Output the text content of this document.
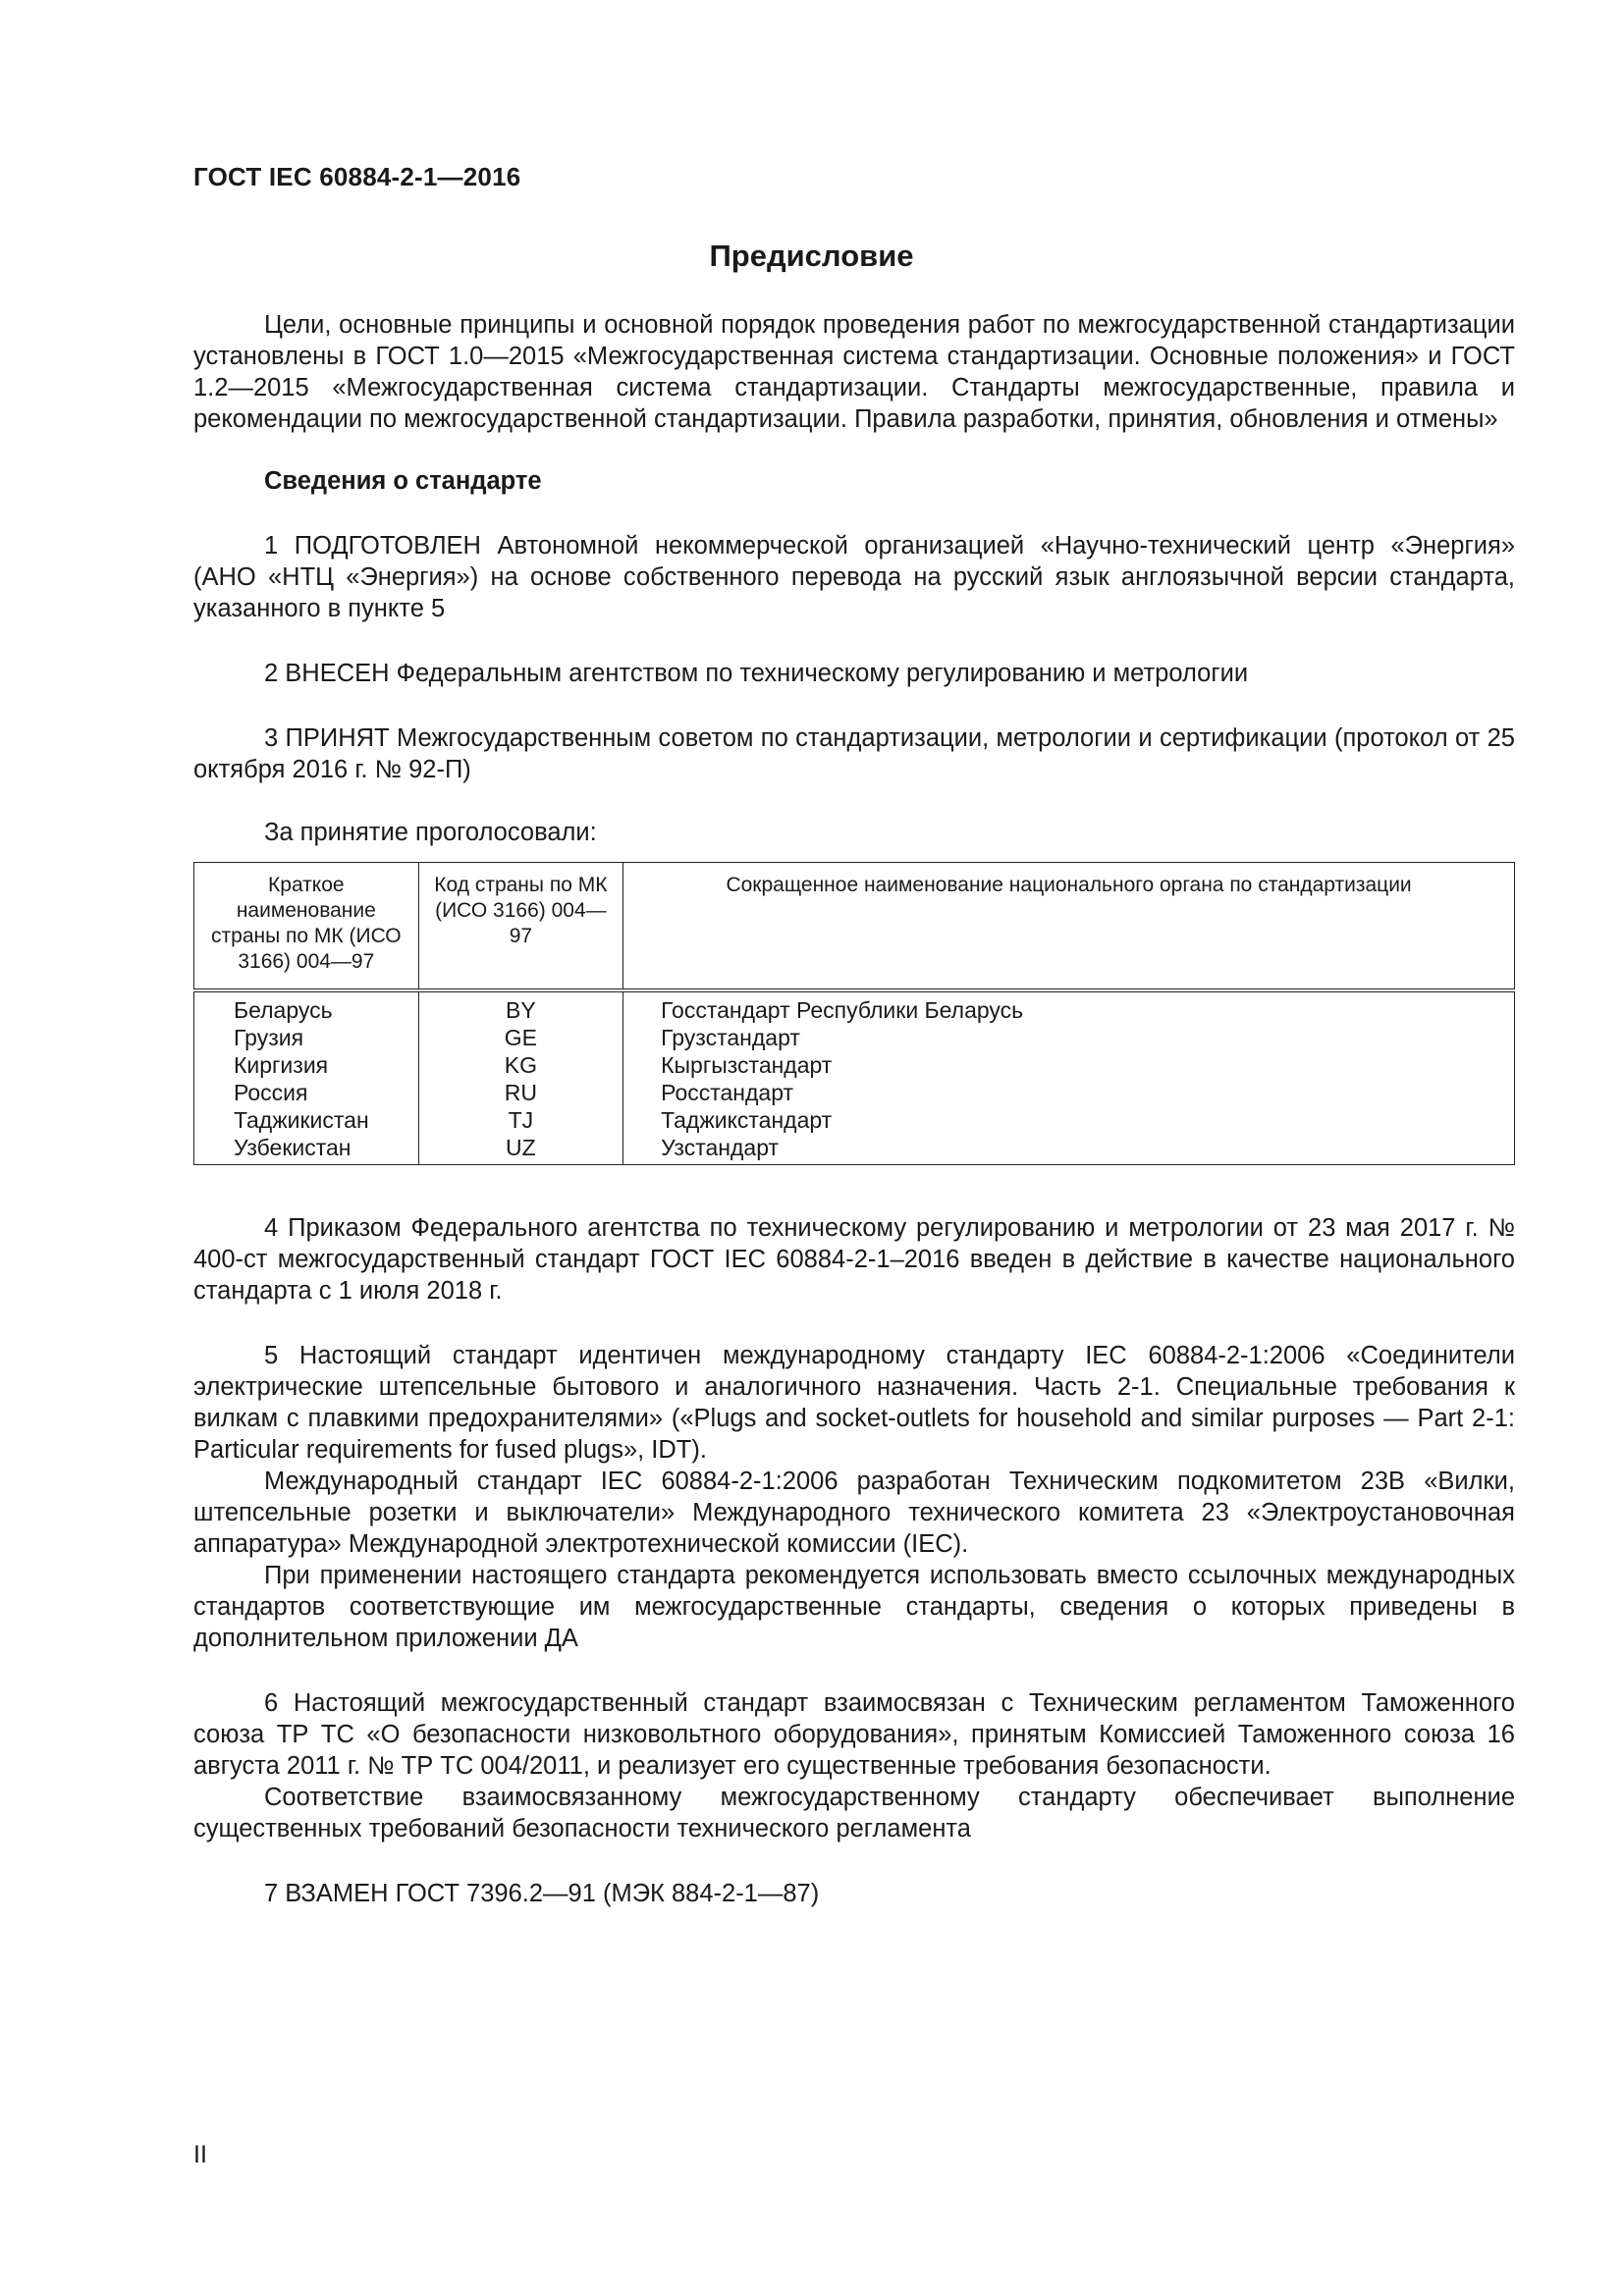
ГОСТ IEC 60884-2-1—2016
Предисловие

Цели, основные принципы и основной порядок проведения работ по межгосударственной стандартизации установлены в ГОСТ 1.0—2015 «Межгосударственная система стандартизации. Основные положения» и ГОСТ 1.2—2015 «Межгосударственная система стандартизации. Стандарты межгосударственные, правила и рекомендации по межгосударственной стандартизации. Правила разработки, принятия, обновления и отмены»

Сведения о стандарте

1 ПОДГОТОВЛЕН Автономной некоммерческой организацией «Научно-технический центр «Энергия» (АНО «НТЦ «Энергия») на основе собственного перевода на русский язык англоязычной версии стандарта, указанного в пункте 5

2 ВНЕСЕН Федеральным агентством по техническому регулированию и метрологии

3 ПРИНЯТ Межгосударственным советом по стандартизации, метрологии и сертификации (протокол от 25 октября 2016 г. № 92-П)

За принятие проголосовали:

Краткое наименование страны по МК (ИСО 3166) 004—97	Код страны по МК (ИСО 3166) 004—97	Сокращенное наименование национального органа по стандартизации
Беларусь	BY	Госстандарт Республики Беларусь
Грузия	GE	Грузстандарт
Киргизия	KG	Кыргызстандарт
Россия	RU	Росстандарт
Таджикистан	TJ	Таджикстандарт
Узбекистан	UZ	Узстандарт

4 Приказом Федерального агентства по техническому регулированию и метрологии от 23 мая 2017 г. № 400-ст межгосударственный стандарт ГОСТ IEC 60884-2-1–2016 введен в действие в качестве национального стандарта с 1 июля 2018 г.

5 Настоящий стандарт идентичен международному стандарту IEC 60884-2-1:2006 «Соединители электрические штепсельные бытового и аналогичного назначения. Часть 2-1. Специальные требования к вилкам с плавкими предохранителями» («Plugs and socket-outlets for household and similar purposes — Part 2-1: Particular requirements for fused plugs», IDT).

Международный стандарт IEC 60884-2-1:2006 разработан Техническим подкомитетом 23В «Вилки, штепсельные розетки и выключатели» Международного технического комитета 23 «Электроустановочная аппаратура» Международной электротехнической комиссии (IEC).

При применении настоящего стандарта рекомендуется использовать вместо ссылочных международных стандартов соответствующие им межгосударственные стандарты, сведения о которых приведены в дополнительном приложении ДА

6 Настоящий межгосударственный стандарт взаимосвязан с Техническим регламентом Таможенного союза ТР ТС «О безопасности низковольтного оборудования», принятым Комиссией Таможенного союза 16 августа 2011 г. № ТР ТС 004/2011, и реализует его существенные требования безопасности.

Соответствие взаимосвязанному межгосударственному стандарту обеспечивает выполнение существенных требований безопасности технического регламента

7 ВЗАМЕН ГОСТ 7396.2—91 (МЭК 884-2-1—87)

II
